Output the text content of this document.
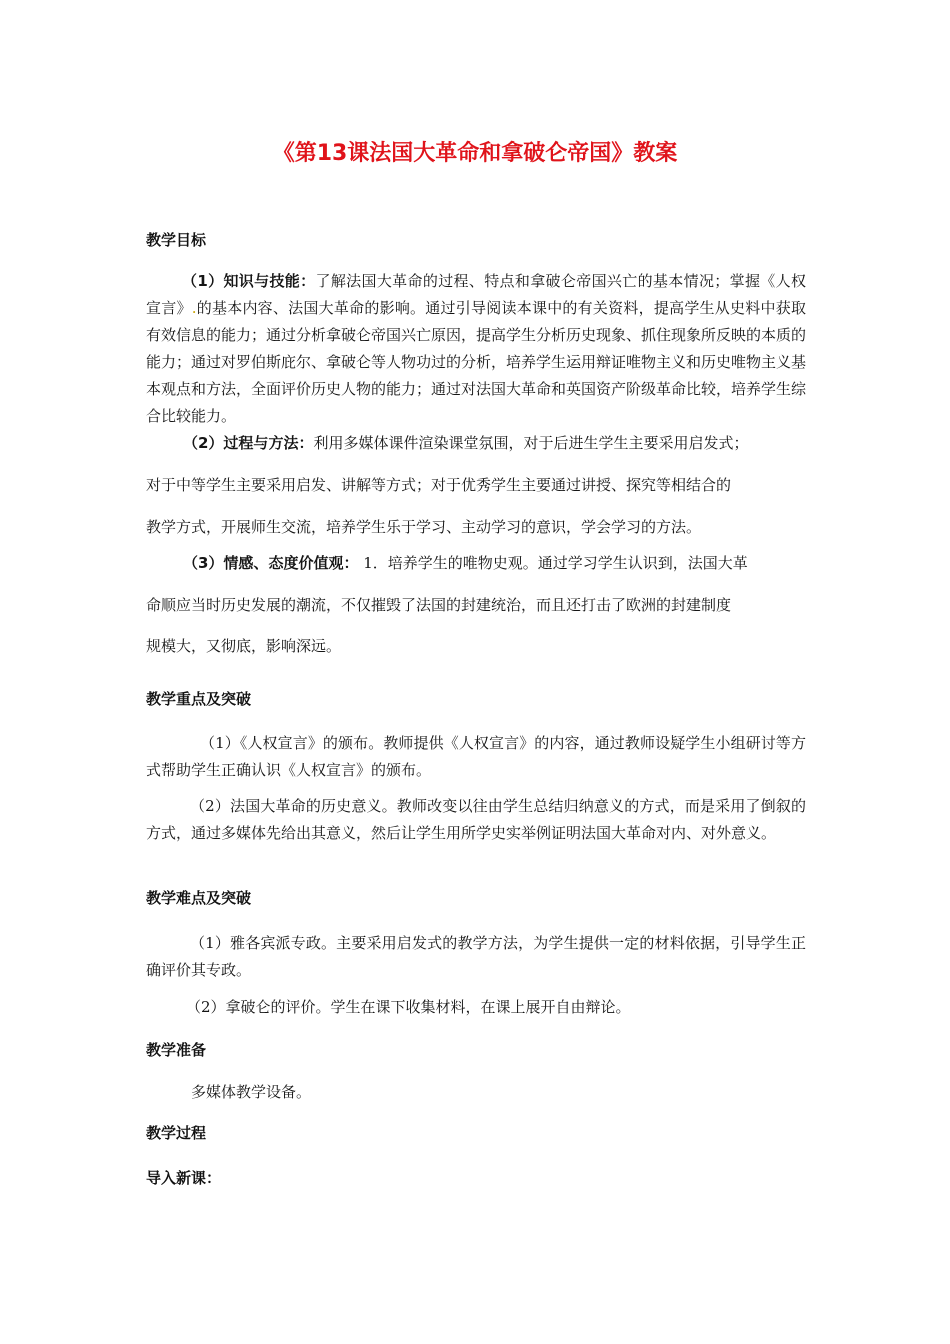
《第13课法国大革命和拿破仑帝国》教案
教学目标

（1）知识与技能：了解法国大革命的过程、特点和拿破仑帝国兴亡的基本情况；掌握《人权宣言》.的基本内容、法国大革命的影响。通过引导阅读本课中的有关资料，提高学生从史料中获取有效信息的能力；通过分析拿破仑帝国兴亡原因，提高学生分析历史现象、抓住现象所反映的本质的能力；通过对罗伯斯庇尔、拿破仑等人物功过的分析，培养学生运用辩证唯物主义和历史唯物主义基本观点和方法，全面评价历史人物的能力；通过对法国大革命和英国资产阶级革命比较，培养学生综合比较能力。

（2）过程与方法：利用多媒体课件渲染课堂氛围，对于后进生学生主要采用启发式；
对于中等学生主要采用启发、讲解等方式；对于优秀学生主要通过讲授、探究等相结合的
教学方式，开展师生交流，培养学生乐于学习、主动学习的意识，学会学习的方法。
（3）情感、态度价值观： 1．培养学生的唯物史观。通过学习学生认识到，法国大革
命顺应当时历史发展的潮流，不仅摧毁了法国的封建统治，而且还打击了欧洲的封建制度
规模大，又彻底，影响深远。
教学重点及突破

（1）《人权宣言》的颁布。教师提供《人权宣言》的内容，通过教师设疑学生小组研讨等方式帮助学生正确认识《人权宣言》的颁布。

（2）法国大革命的历史意义。教师改变以往由学生总结归纳意义的方式，而是采用了倒叙的方式，通过多媒体先给出其意义，然后让学生用所学史实举例证明法国大革命对内、对外意义。

教学难点及突破

（1）雅各宾派专政。主要采用启发式的教学方法，为学生提供一定的材料依据，引导学生正确评价其专政。

（2）拿破仑的评价。学生在课下收集材料，在课上展开自由辩论。
教学准备
多媒体教学设备。
教学过程
导入新课：
